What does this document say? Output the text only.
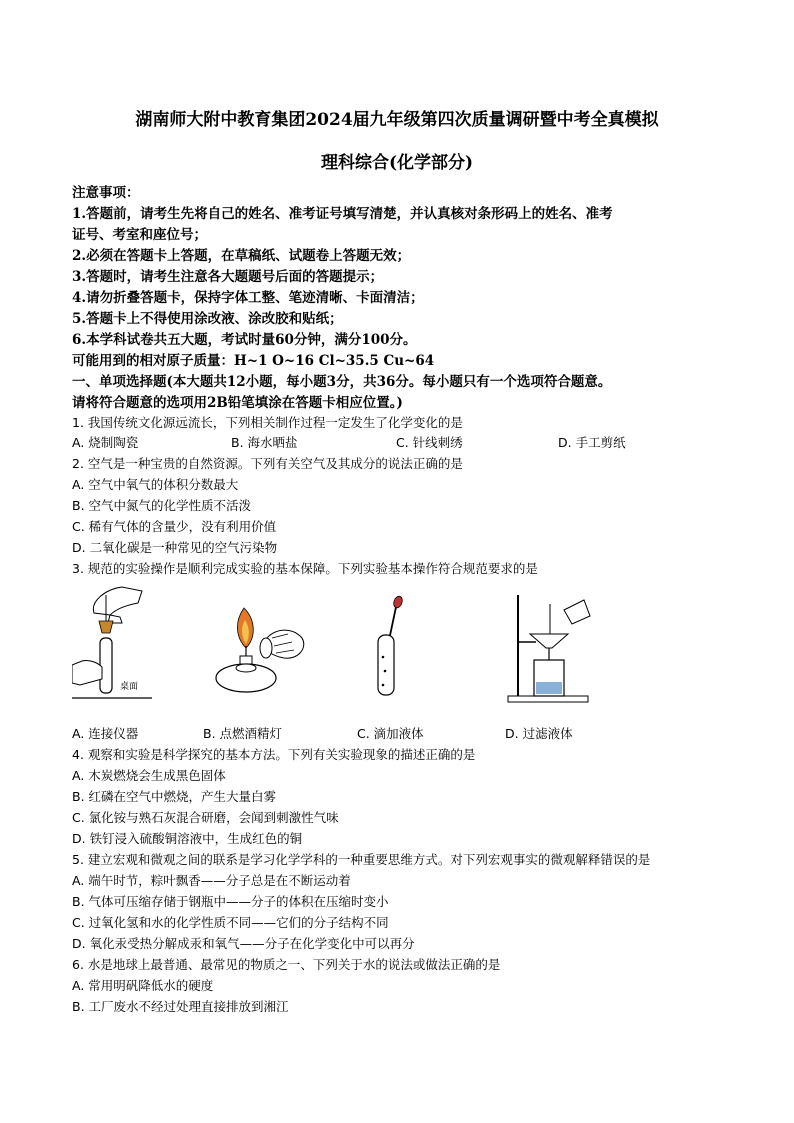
湖南师大附中教育集团2024届九年级第四次质量调研暨中考全真模拟
理科综合(化学部分)
注意事项：
1.答题前，请考生先将自己的姓名、准考证号填写清楚，并认真核对条形码上的姓名、准考
证号、考室和座位号；
2.必须在答题卡上答题，在草稿纸、试题卷上答题无效；
3.答题时，请考生注意各大题题号后面的答题提示；
4.请勿折叠答题卡，保持字体工整、笔迹清晰、卡面清洁；
5.答题卡上不得使用涂改液、涂改胶和贴纸；
6.本学科试卷共五大题，考试时量60分钟，满分100分。
可能用到的相对原子质量：H~1 O~16 Cl~35.5 Cu~64
一、单项选择题(本大题共12小题，每小题3分，共36分。每小题只有一个选项符合题意。
请将符合题意的选项用2B铅笔填涂在答题卡相应位置。)
1. 我国传统文化源远流长，下列相关制作过程一定发生了化学变化的是
A. 烧制陶瓷	B. 海水晒盐	C. 针线刺绣	D. 手工剪纸
2. 空气是一种宝贵的自然资源。下列有关空气及其成分的说法正确的是
A. 空气中氧气的体积分数最大
B. 空气中氮气的化学性质不活泼
C. 稀有气体的含量少，没有利用价值
D. 二氧化碳是一种常见的空气污染物
3. 规范的实验操作是顺利完成实验的基本保障。下列实验基本操作符合规范要求的是
桌面
A. 连接仪器	B. 点燃酒精灯	C. 滴加液体	D. 过滤液体
4. 观察和实验是科学探究的基本方法。下列有关实验现象的描述正确的是
A. 木炭燃烧会生成黑色固体
B. 红磷在空气中燃烧，产生大量白雾
C. 氯化铵与熟石灰混合研磨，会闻到刺激性气味
D. 铁钉浸入硫酸铜溶液中，生成红色的铜
5. 建立宏观和微观之间的联系是学习化学学科的一种重要思维方式。对下列宏观事实的微观解释错误的是
A. 端午时节，粽叶飘香——分子总是在不断运动着
B. 气体可压缩存储于钢瓶中——分子的体积在压缩时变小
C. 过氧化氢和水的化学性质不同——它们的分子结构不同
D. 氧化汞受热分解成汞和氧气——分子在化学变化中可以再分
6. 水是地球上最普通、最常见的物质之一、下列关于水的说法或做法正确的是
A. 常用明矾降低水的硬度
B. 工厂废水不经过处理直接排放到湘江
